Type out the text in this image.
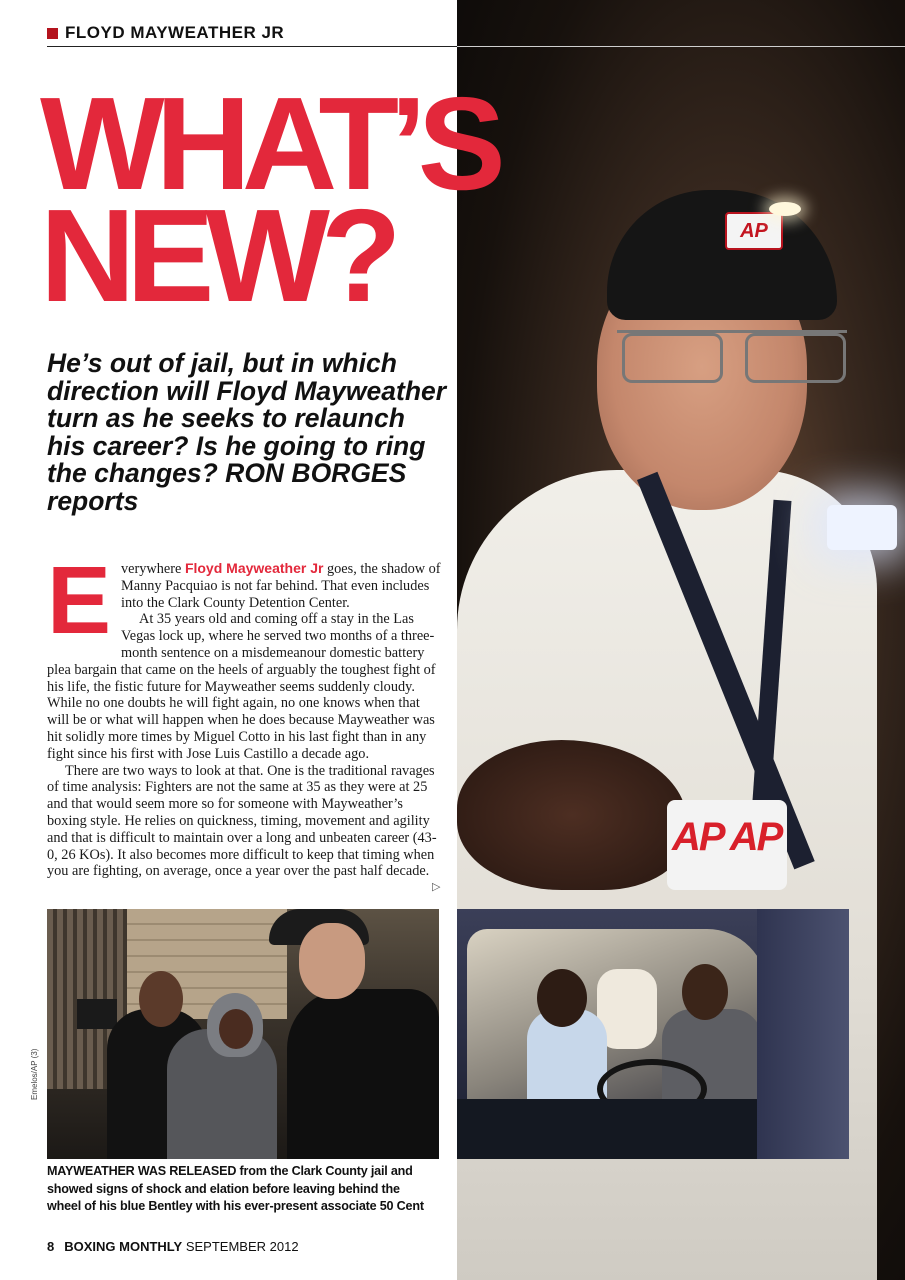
AP
AP AP
FLOYD MAYWEATHER JR
WHAT’S
NEW?

He’s out of jail, but in which direction will Floyd Mayweather turn as he seeks to relaunch his career? Is he going to ring the changes? RON BORGES reports

Everywhere Floyd Mayweather Jr goes, the shadow of Manny Pacquiao is not far behind. That even includes into the Clark County Detention Center.

At 35 years old and coming off a stay in the Las Vegas lock up, where he served two months of a three-month sentence on a misdemeanour domestic battery plea bargain that came on the heels of arguably the toughest fight of his life, the fistic future for Mayweather seems suddenly cloudy. While no one doubts he will fight again, no one knows when that will be or what will happen when he does because Mayweather was hit solidly more times by Miguel Cotto in his last fight than in any fight since his first with Jose Luis Castillo a decade ago.

There are two ways to look at that. One is the traditional ravages of time analysis: Fighters are not the same at 35 as they were at 25 and that would seem more so for someone with Mayweather’s boxing style. He relies on quickness, timing, movement and agility and that is difficult to maintain over a long and unbeaten career (43-0, 26 KOs). It also becomes more difficult to keep that timing when you are fighting, on average, once a year over the past half decade.

▷
Emelos/AP (3)

MAYWEATHER WAS RELEASED from the Clark County jail and showed signs of shock and elation before leaving behind the wheel of his blue Bentley with his ever-present associate 50 Cent

8 BOXING MONTHLY SEPTEMBER 2012
